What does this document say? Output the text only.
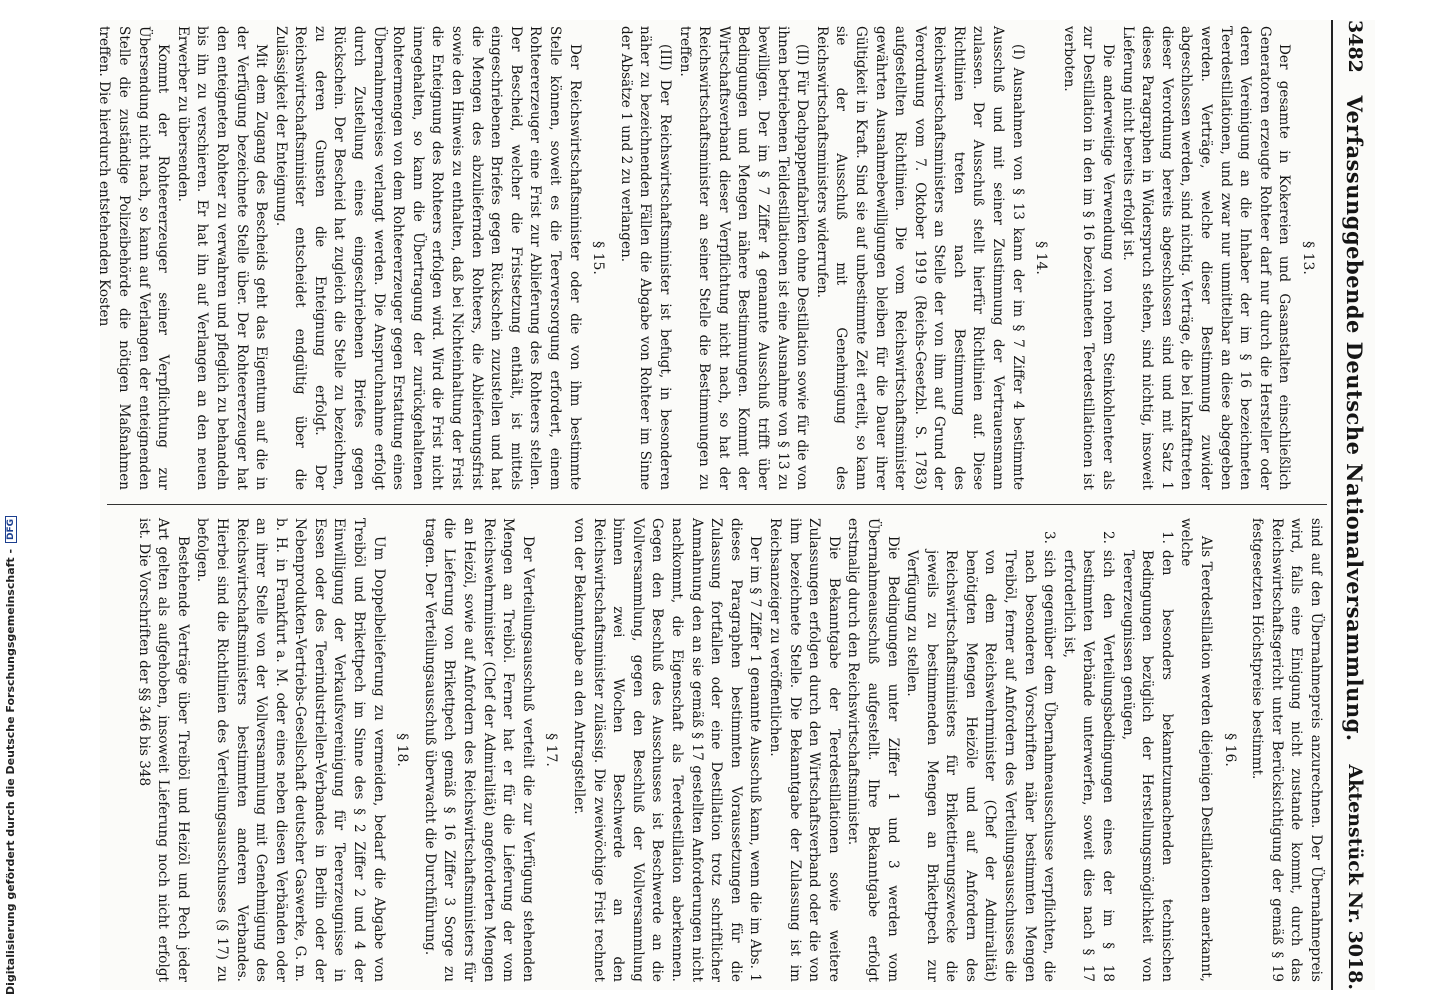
Digitalisierung gefördert durch die Deutsche Forschungsgemeinschaft -
DFG
3482
Verfassunggebende Deutsche Nationalversammlung.
Aktenstück Nr. 3018.
§ 13.

Der gesamte in Kokereien und Gasanstalten einschließlich Generatoren erzeugte Rohteer darf nur durch die Hersteller oder deren Vereinigung an die Inhaber der im § 16 bezeichneten Teerdestillationen, und zwar nur unmittelbar an diese abgegeben werden. Verträge, welche dieser Bestimmung zuwider abgeschlossen werden, sind nichtig. Verträge, die bei Inkrafttreten dieser Verordnung bereits abgeschlossen sind und mit Satz 1 dieses Paragraphen in Widerspruch stehen, sind nichtig, insoweit Lieferung nicht bereits erfolgt ist.

Die anderweitige Verwendung von rohem Steinkohlenteer als zur Destillation in den im § 16 bezeichneten Teerdestillationen ist verboten.

§ 14.

(I) Ausnahmen von § 13 kann der im § 7 Ziffer 4 bestimmte Ausschuß und mit seiner Zustimmung der Vertrauensmann zulassen. Der Ausschuß stellt hierfür Richtlinien auf. Diese Richtlinien treten nach Bestimmung des Reichswirtschaftsministers an Stelle der von ihm auf Grund der Verordnung vom 7. Oktober 1919 (Reichs-Gesetzbl. S. 1783) aufgestellten Richtlinien. Die vom Reichswirtschaftsminister gewährten Ausnahmebewilligungen bleiben für die Dauer ihrer Gültigkeit in Kraft. Sind sie auf unbestimmte Zeit erteilt, so kann sie der Ausschuß mit Genehmigung des Reichswirtschaftsministers widerrufen.

(II) Für Dachpappenfabriken ohne Destillation sowie für die von ihnen betriebenen Teildestillationen ist eine Ausnahme von § 13 zu bewilligen. Der im § 7 Ziffer 4 genannte Ausschuß trifft über Bedingungen und Mengen nähere Bestimmungen. Kommt der Wirtschaftsverband dieser Verpflichtung nicht nach, so hat der Reichswirtschaftsminister an seiner Stelle die Bestimmungen zu treffen.

(III) Der Reichswirtschaftsminister ist befugt, in besonderen näher zu bezeichnenden Fällen die Abgabe von Rohteer im Sinne der Absätze 1 und 2 zu verlangen.

§ 15.

Der Reichswirtschaftsminister oder die von ihm bestimmte Stelle können, soweit es die Teerversorgung erfordert, einem Rohteererzeuger eine Frist zur Ablieferung des Rohteers stellen. Der Bescheid, welcher die Fristsetzung enthält, ist mittels eingeschriebenen Briefes gegen Rückschein zuzustellen und hat die Mengen des abzuliefernden Rohteers, die Ablieferungsfrist sowie den Hinweis zu enthalten, daß bei Nichteinhaltung der Frist die Enteignung des Rohteers erfolgen wird. Wird die Frist nicht innegehalten, so kann die Übertragung der zurückgehaltenen Rohteermengen von dem Rohteererzeuger gegen Erstattung eines Übernahmepreises verlangt werden. Die Anspruchnahme erfolgt durch Zustellung eines eingeschriebenen Briefes gegen Rückschein. Der Bescheid hat zugleich die Stelle zu bezeichnen, zu deren Gunsten die Enteignung erfolgt. Der Reichswirtschaftsminister entscheidet endgültig über die Zulässigkeit der Enteignung.

Mit dem Zugang des Bescheids geht das Eigentum auf die in der Verfügung bezeichnete Stelle über. Der Rohteererzeuger hat den enteigneten Rohteer zu verwahren und pfleglich zu behandeln bis ihn zu verschieren. Er hat ihn auf Verlangen an den neuen Erwerber zu übersenden.

Kommt der Rohteererzeuger seiner Verpflichtung zur Übersendung nicht nach, so kann auf Verlangen der enteignenden Stelle die zuständige Polizeibehörde die nötigen Maßnahmen treffen. Die hierdurch entstehenden Kosten

sind auf den Übernahmepreis anzurechnen. Der Übernahmepreis wird, falls eine Einigung nicht zustande kommt, durch das Reichswirtschaftsgericht unter Berücksichtigung der gemäß § 19 festgesetzten Höchstpreise bestimmt.

§ 16.

Als Teerdestillation werden diejenigen Destillationen anerkannt, welche

1.
den besonders bekanntzumachenden technischen Bedingungen bezüglich der Herstellungsmöglichkeit von Teererzeugnissen genügen,
2.
sich den Verteilungsbedingungen eines der im § 18 bestimmten Verbände unterwerfen, soweit dies nach § 17 erforderlich ist,
3.
sich gegenüber dem Übernahmeausschusse verpflichten, die nach besonderen Vorschriften näher bestimmten Mengen Treiböl, ferner auf Anfordern des Verteilungsausschusses die von dem Reichswehrminister (Chef der Admiralität) benötigten Mengen Heizöle und auf Anfordern des Reichswirtschaftsministers für Brikettierungszwecke die jeweils zu bestimmenden Mengen an Brikettpech zur Verfügung zu stellen.

Die Bedingungen unter Ziffer 1 und 3 werden vom Übernahmeausschuß aufgestellt. Ihre Bekanntgabe erfolgt erstmalig durch den Reichswirtschaftsminister.

Die Bekanntgabe der Teerdestillationen sowie weitere Zulassungen erfolgen durch den Wirtschaftsverband oder die von ihm bezeichnete Stelle. Die Bekanntgabe der Zulassung ist im Reichsanzeiger zu veröffentlichen.

Der im § 7 Ziffer 1 genannte Ausschuß kann, wenn die im Abs. 1 dieses Paragraphen bestimmten Voraussetzungen für die Zulassung fortfallen oder eine Destillation trotz schriftlicher Anmahnung den an sie gemäß § 17 gestellten Anforderungen nicht nachkommt, die Eigenschaft als Teerdestillation aberkennen. Gegen den Beschluß des Ausschusses ist Beschwerde an die Vollversammlung, gegen den Beschluß der Vollversammlung binnen zwei Wochen Beschwerde an den Reichswirtschaftsminister zulässig. Die zweiwöchige Frist rechnet von der Bekanntgabe an den Antragsteller.

§ 17.

Der Verteilungsausschuß verteilt die zur Verfügung stehenden Mengen an Treiböl. Ferner hat er für die Lieferung der vom Reichswehrminister (Chef der Admiralität) angeforderten Mengen an Heizöl, sowie auf Anfordern des Reichswirtschaftsministers für die Lieferung von Brikettpech gemäß § 16 Ziffer 3 Sorge zu tragen. Der Verteilungsausschuß überwacht die Durchführung.

§ 18.

Um Doppelbelieferung zu vermeiden, bedarf die Abgabe von Treiböl und Brikettpech im Sinne des § 2 Ziffer 2 und 4 der Einwilligung der Verkaufsvereinigung für Teererzeugnisse in Essen oder des Teerindustriellen-Verbandes in Berlin oder der Nebenprodukten-Vertriebs-Gesellschaft deutscher Gaswerke, G. m. b. H. in Frankfurt a. M. oder eines neben diesen Verbänden oder an ihrer Stelle von der Vollversammlung mit Genehmigung des Reichswirtschaftsministers bestimmten anderen Verbandes. Hierbei sind die Richtlinien des Verteilungsausschusses (§ 17) zu befolgen.

Bestehende Verträge über Treiböl und Heizöl und Pech jeder Art gelten als aufgehoben, insoweit Lieferung noch nicht erfolgt ist. Die Vorschriften der §§ 346 bis 348
